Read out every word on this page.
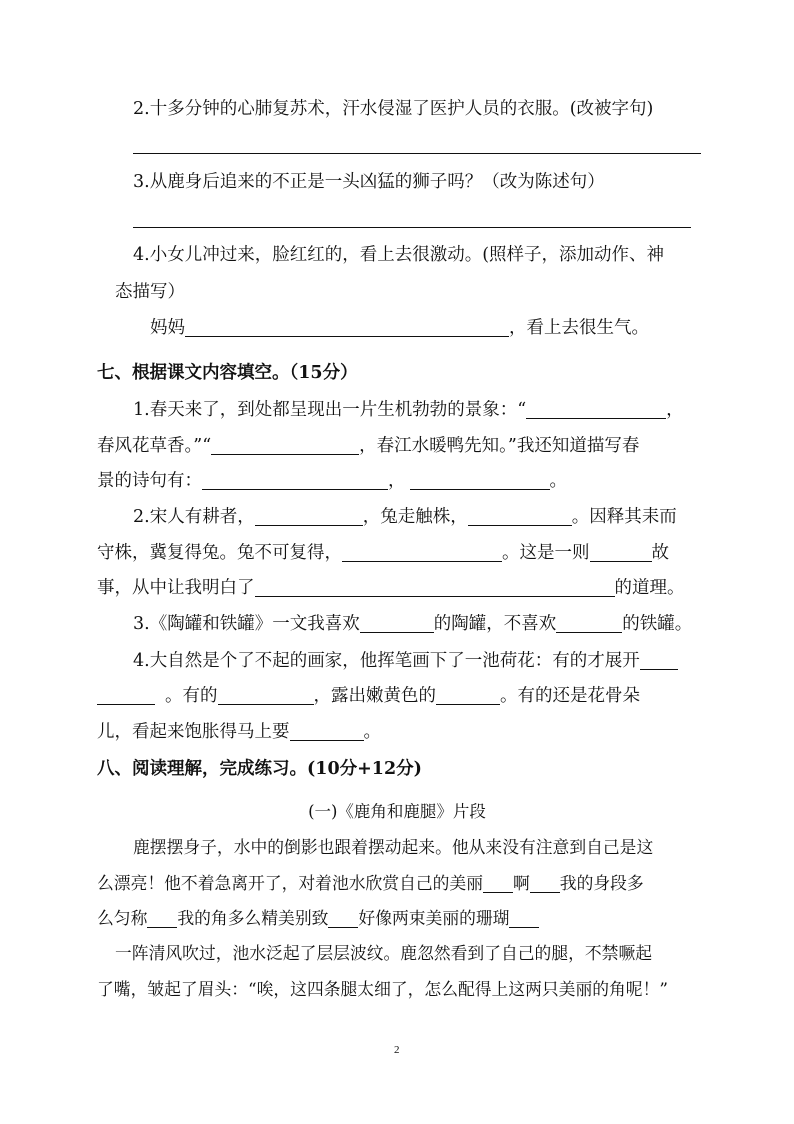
2.十多分钟的心肺复苏术，汗水侵湿了医护人员的衣服。(改被字句)
3.从鹿身后追来的不正是一头凶猛的狮子吗？（改为陈述句）
4.小女儿冲过来，脸红红的，看上去很激动。(照样子，添加动作、神
态描写）
妈妈	，看上去很生气。
七、根据课文内容填空。（15分）
1.春天来了，到处都呈现出一片生机勃勃的景象：“	，
春风花草香。”“	，春江水暖鸭先知。”我还知道描写春
景的诗句有：	，	。
2.宋人有耕者，	，兔走触株，	。因释其耒而
守株，冀复得兔。兔不可复得，	。这是一则	故
事，从中让我明白了	的道理。
3.《陶罐和铁罐》一文我喜欢	的陶罐，不喜欢	的铁罐。
4.大自然是个了不起的画家，他挥笔画下了一池荷花：有的才展开
。有的	，露出嫩黄色的	。有的还是花骨朵
儿，看起来饱胀得马上要	。
八、阅读理解，完成练习。(10分+12分)
(一)《鹿角和鹿腿》片段
鹿摆摆身子，水中的倒影也跟着摆动起来。他从来没有注意到自己是这
么漂亮！他不着急离开了，对着池水欣赏自己的美丽 啊 我的身段多
么匀称 我的角多么精美别致 好像两束美丽的珊瑚
一阵清风吹过，池水泛起了层层波纹。鹿忽然看到了自己的腿，不禁噘起
了嘴，皱起了眉头：“唉，这四条腿太细了，怎么配得上这两只美丽的角呢！”
2
